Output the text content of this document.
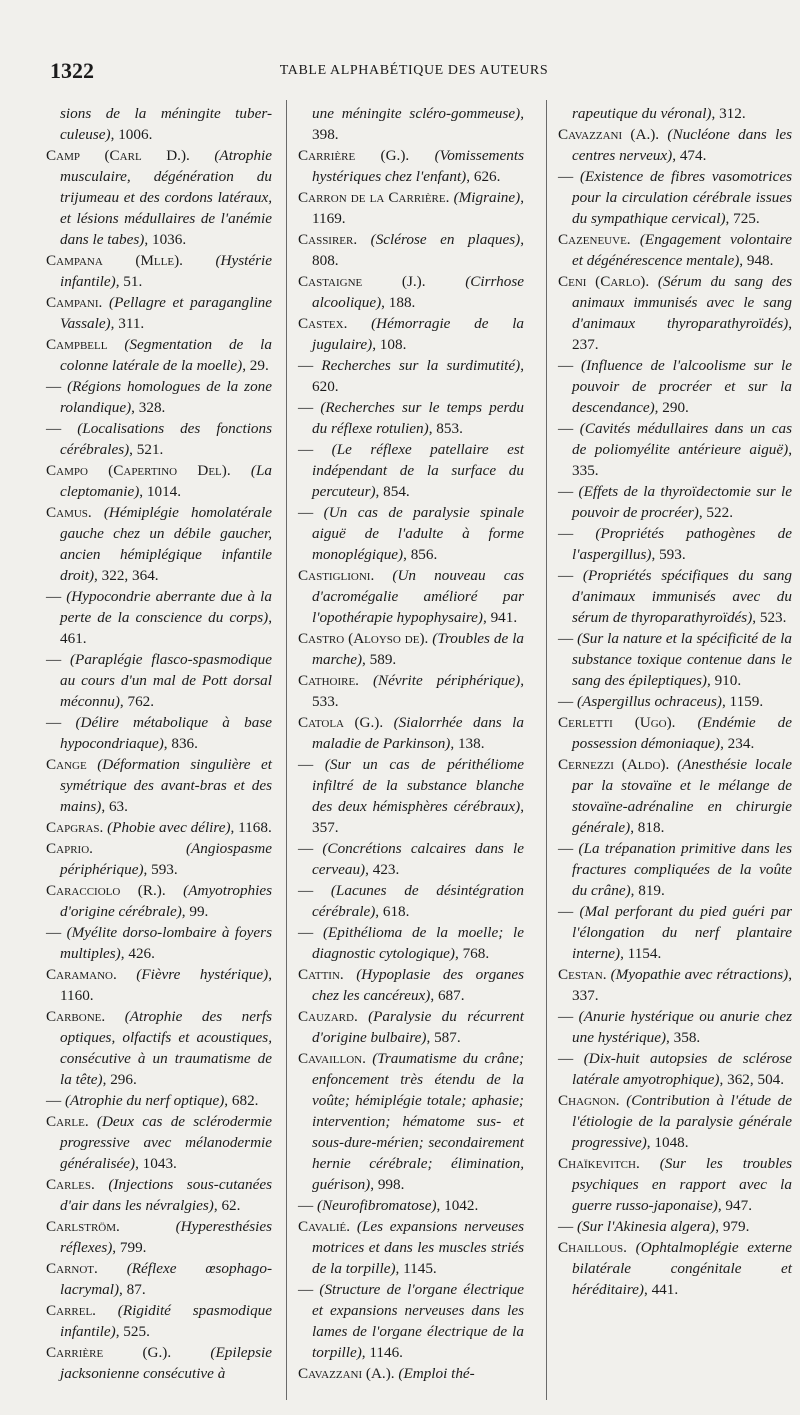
1322	TABLE ALPHABÉTIQUE DES AUTEURS

sions de la méningite tuber-culeuse), 1006.

Camp (Carl D.). (Atrophie musculaire, dégénération du trijumeau et des cordons latéraux, et lésions médullaires de l'anémie dans le tabes), 1036.

Campana (Mlle). (Hystérie infantile), 51.

Campani. (Pellagre et paragangline Vassale), 311.

Campbell (Segmentation de la colonne latérale de la moelle), 29.

— (Régions homologues de la zone rolandique), 328.

— (Localisations des fonctions cérébrales), 521.

Campo (Capertino Del). (La cleptomanie), 1014.

Camus. (Hémiplégie homolatérale gauche chez un débile gaucher, ancien hémiplégique infantile droit), 322, 364.

— (Hypocondrie aberrante due à la perte de la conscience du corps), 461.

— (Paraplégie flasco-spasmodique au cours d'un mal de Pott dorsal méconnu), 762.

— (Délire métabolique à base hypocondriaque), 836.

Cange (Déformation singulière et symétrique des avant-bras et des mains), 63.

Capgras. (Phobie avec délire), 1168.

Caprio.	(Angiospasme périphérique), 593.

Caracciolo (R.). (Amyotrophies d'origine cérébrale), 99.

— (Myélite dorso-lombaire à foyers multiples), 426.

Caramano. (Fièvre hystérique), 1160.

Carbone. (Atrophie des nerfs optiques, olfactifs et acoustiques, consécutive à un traumatisme de la tête), 296.

— (Atrophie du nerf optique), 682.

Carle. (Deux cas de sclérodermie progressive avec mélanodermie généralisée), 1043.

Carles. (Injections sous-cutanées d'air dans les névralgies), 62.

Carlström.	(Hyperesthésies réflexes), 799.

Carnot. (Réflexe œsophago-lacrymal), 87.

Carrel. (Rigidité spasmodique infantile), 525.

Carrière (G.).	(Epilepsie jacksonienne consécutive à

une méningite scléro-gommeuse), 398.

Carrière (G.). (Vomissements hystériques chez l'enfant), 626.

Carron de la Carrière. (Migraine), 1169.

Cassirer. (Sclérose en plaques), 808.

Castaigne (J.).	(Cirrhose alcoolique), 188.

Castex. (Hémorragie de la jugulaire), 108.

— Recherches sur la surdimutité), 620.

— (Recherches sur le temps perdu du réflexe rotulien), 853.

— (Le réflexe patellaire est indépendant de la surface du percuteur), 854.

— (Un cas de paralysie spinale aiguë de l'adulte à forme monoplégique), 856.

Castiglioni. (Un nouveau cas d'acromégalie amélioré par l'opothérapie hypophysaire), 941.

Castro (Aloyso de). (Troubles de la marche), 589.

Cathoire. (Névrite périphérique), 533.

Catola (G.). (Sialorrhée dans la maladie de Parkinson), 138.

— (Sur un cas de périthéliome infiltré de la substance blanche des deux hémisphères cérébraux), 357.

— (Concrétions calcaires dans le cerveau), 423.

— (Lacunes de désintégration cérébrale), 618.

— (Epithélioma de la moelle; le diagnostic cytologique), 768.

Cattin. (Hypoplasie des organes chez les cancéreux), 687.

Cauzard. (Paralysie du récurrent d'origine bulbaire), 587.

Cavaillon. (Traumatisme du crâne; enfoncement très étendu de la voûte; hémiplégie totale; aphasie; intervention; hématome sus- et sous-dure-mérien; secondairement hernie cérébrale; élimination, guérison), 998.

— (Neurofibromatose), 1042.

Cavalié. (Les expansions nerveuses motrices et dans les muscles striés de la torpille), 1145.

— (Structure de l'organe électrique et expansions nerveuses dans les lames de l'organe électrique de la torpille), 1146.

Cavazzani (A.). (Emploi thé-

rapeutique du véronal), 312.

Cavazzani (A.). (Nucléone dans les centres nerveux), 474.

— (Existence de fibres vasomotrices pour la circulation cérébrale issues du sympathique cervical), 725.

Cazeneuve. (Engagement volontaire et dégénérescence mentale), 948.

Ceni (Carlo). (Sérum du sang des animaux immunisés avec le sang d'animaux thyroparathyroïdés), 237.

— (Influence de l'alcoolisme sur le pouvoir de procréer et sur la descendance), 290.

— (Cavités médullaires dans un cas de poliomyélite antérieure aiguë), 335.

— (Effets de la thyroïdectomie sur le pouvoir de procréer), 522.

— (Propriétés pathogènes de l'aspergillus), 593.

— (Propriétés spécifiques du sang d'animaux immunisés avec du sérum de thyroparathyroïdés), 523.

— (Sur la nature et la spécificité de la substance toxique contenue dans le sang des épileptiques), 910.

— (Aspergillus ochraceus), 1159.

Cerletti (Ugo). (Endémie de possession démoniaque), 234.

Cernezzi (Aldo). (Anesthésie locale par la stovaïne et le mélange de stovaïne-adrénaline en chirurgie générale), 818.

— (La trépanation primitive dans les fractures compliquées de la voûte du crâne), 819.

— (Mal perforant du pied guéri par l'élongation du nerf plantaire interne), 1154.

Cestan. (Myopathie avec rétractions), 337.

— (Anurie hystérique ou anurie chez une hystérique), 358.

— (Dix-huit autopsies de sclérose latérale amyotrophique), 362, 504.

Chagnon. (Contribution à l'étude de l'étiologie de la paralysie générale progressive), 1048.

Chaïkevitch. (Sur les troubles psychiques en rapport avec la guerre russo-japonaise), 947.

— (Sur l'Akinesia algera), 979.

Chaillous. (Ophtalmoplégie externe bilatérale congénitale et héréditaire), 441.
